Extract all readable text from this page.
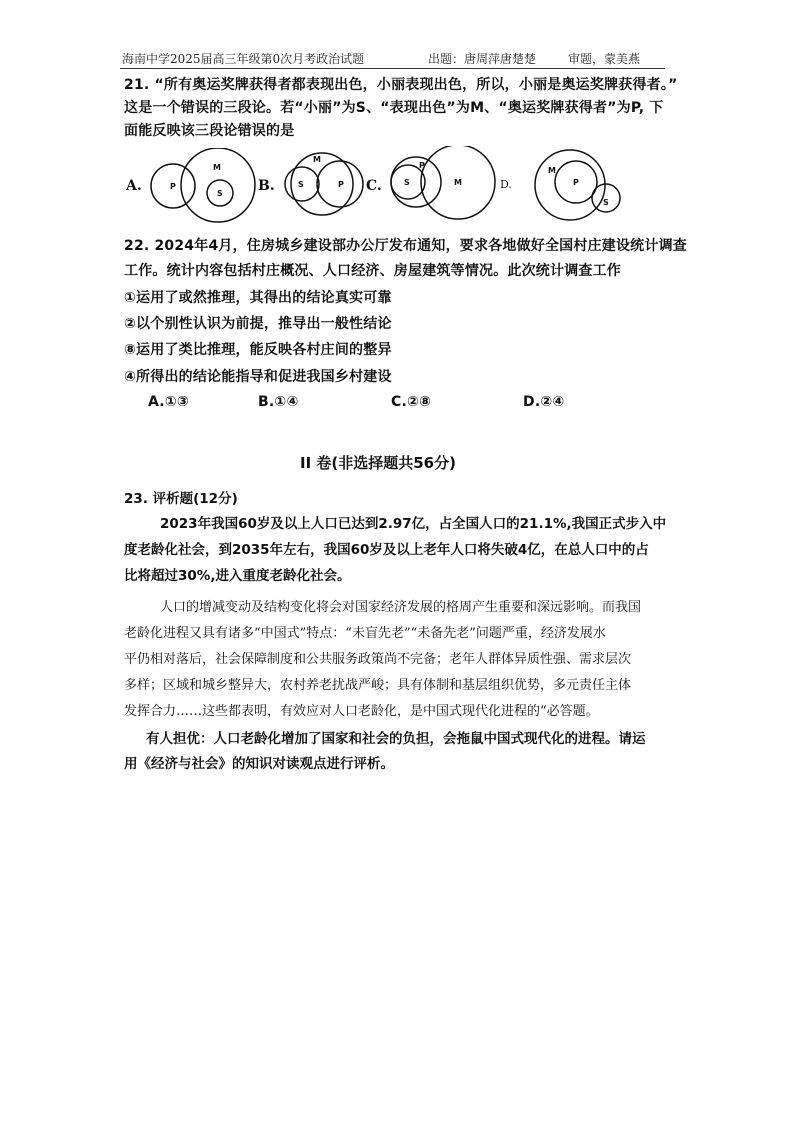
海南中学2025届高三年级第0次月考政治试题	出题：唐周萍唐楚楚	审题，蒙美燕
21. “所有奥运奖牌获得者都表现出色，小丽表现出色，所以，小丽是奥运奖牌获得者。”
这是一个错误的三段论。若“小丽”为S、“表现出色”为M、“奥运奖牌获得者”为P, 下
面能反映该三段论错误的是
A.	P
M
S	B.	S
M
P C.	S
P
M	D.
M
P
S
22. 2024年4月，住房城乡建设部办公厅发布通知，要求各地做好全国村庄建设统计调查
工作。统计内容包括村庄概况、人口经济、房屋建筑等情况。此次统计调查工作
①运用了或然推理，其得出的结论真实可靠
②以个别性认识为前提，推导出一般性结论
⑧运用了类比推理，能反映各村庄间的整异
④所得出的结论能指导和促进我国乡村建设
A.①③	B.①④	C.②⑧	D.②④
II 卷(非选择题共56分)
23. 评析题(12分)
2023年我国60岁及以上人口已达到2.97亿，占全国人口的21.1%,我国正式步入中
度老龄化社会，到2035年左右，我国60岁及以上老年人口将失破4亿，在总人口中的占
比将超过30%,进入重度老龄化社会。
人口的增减变动及结构变化将会对国家经济发展的格周产生重要和深远影响。而我国
老龄化进程又具有诸多“中国式”特点：“未盲先老”“未备先老”问题严重，经济发展水
平仍相对落后，社会保障制度和公共服务政策尚不完备；老年人群体异质性强、需求层次
多样；区域和城乡整异大，农村养老扰战严峻；具有体制和基层组织优势，多元责任主体
发挥合力……这些都表明，有效应对人口老龄化，是中国式现代化进程的“必答题。
有人担优：人口老龄化增加了国家和社会的负担，会拖鼠中国式现代化的进程。请运
用《经济与社会》的知识对读观点进行评析。
